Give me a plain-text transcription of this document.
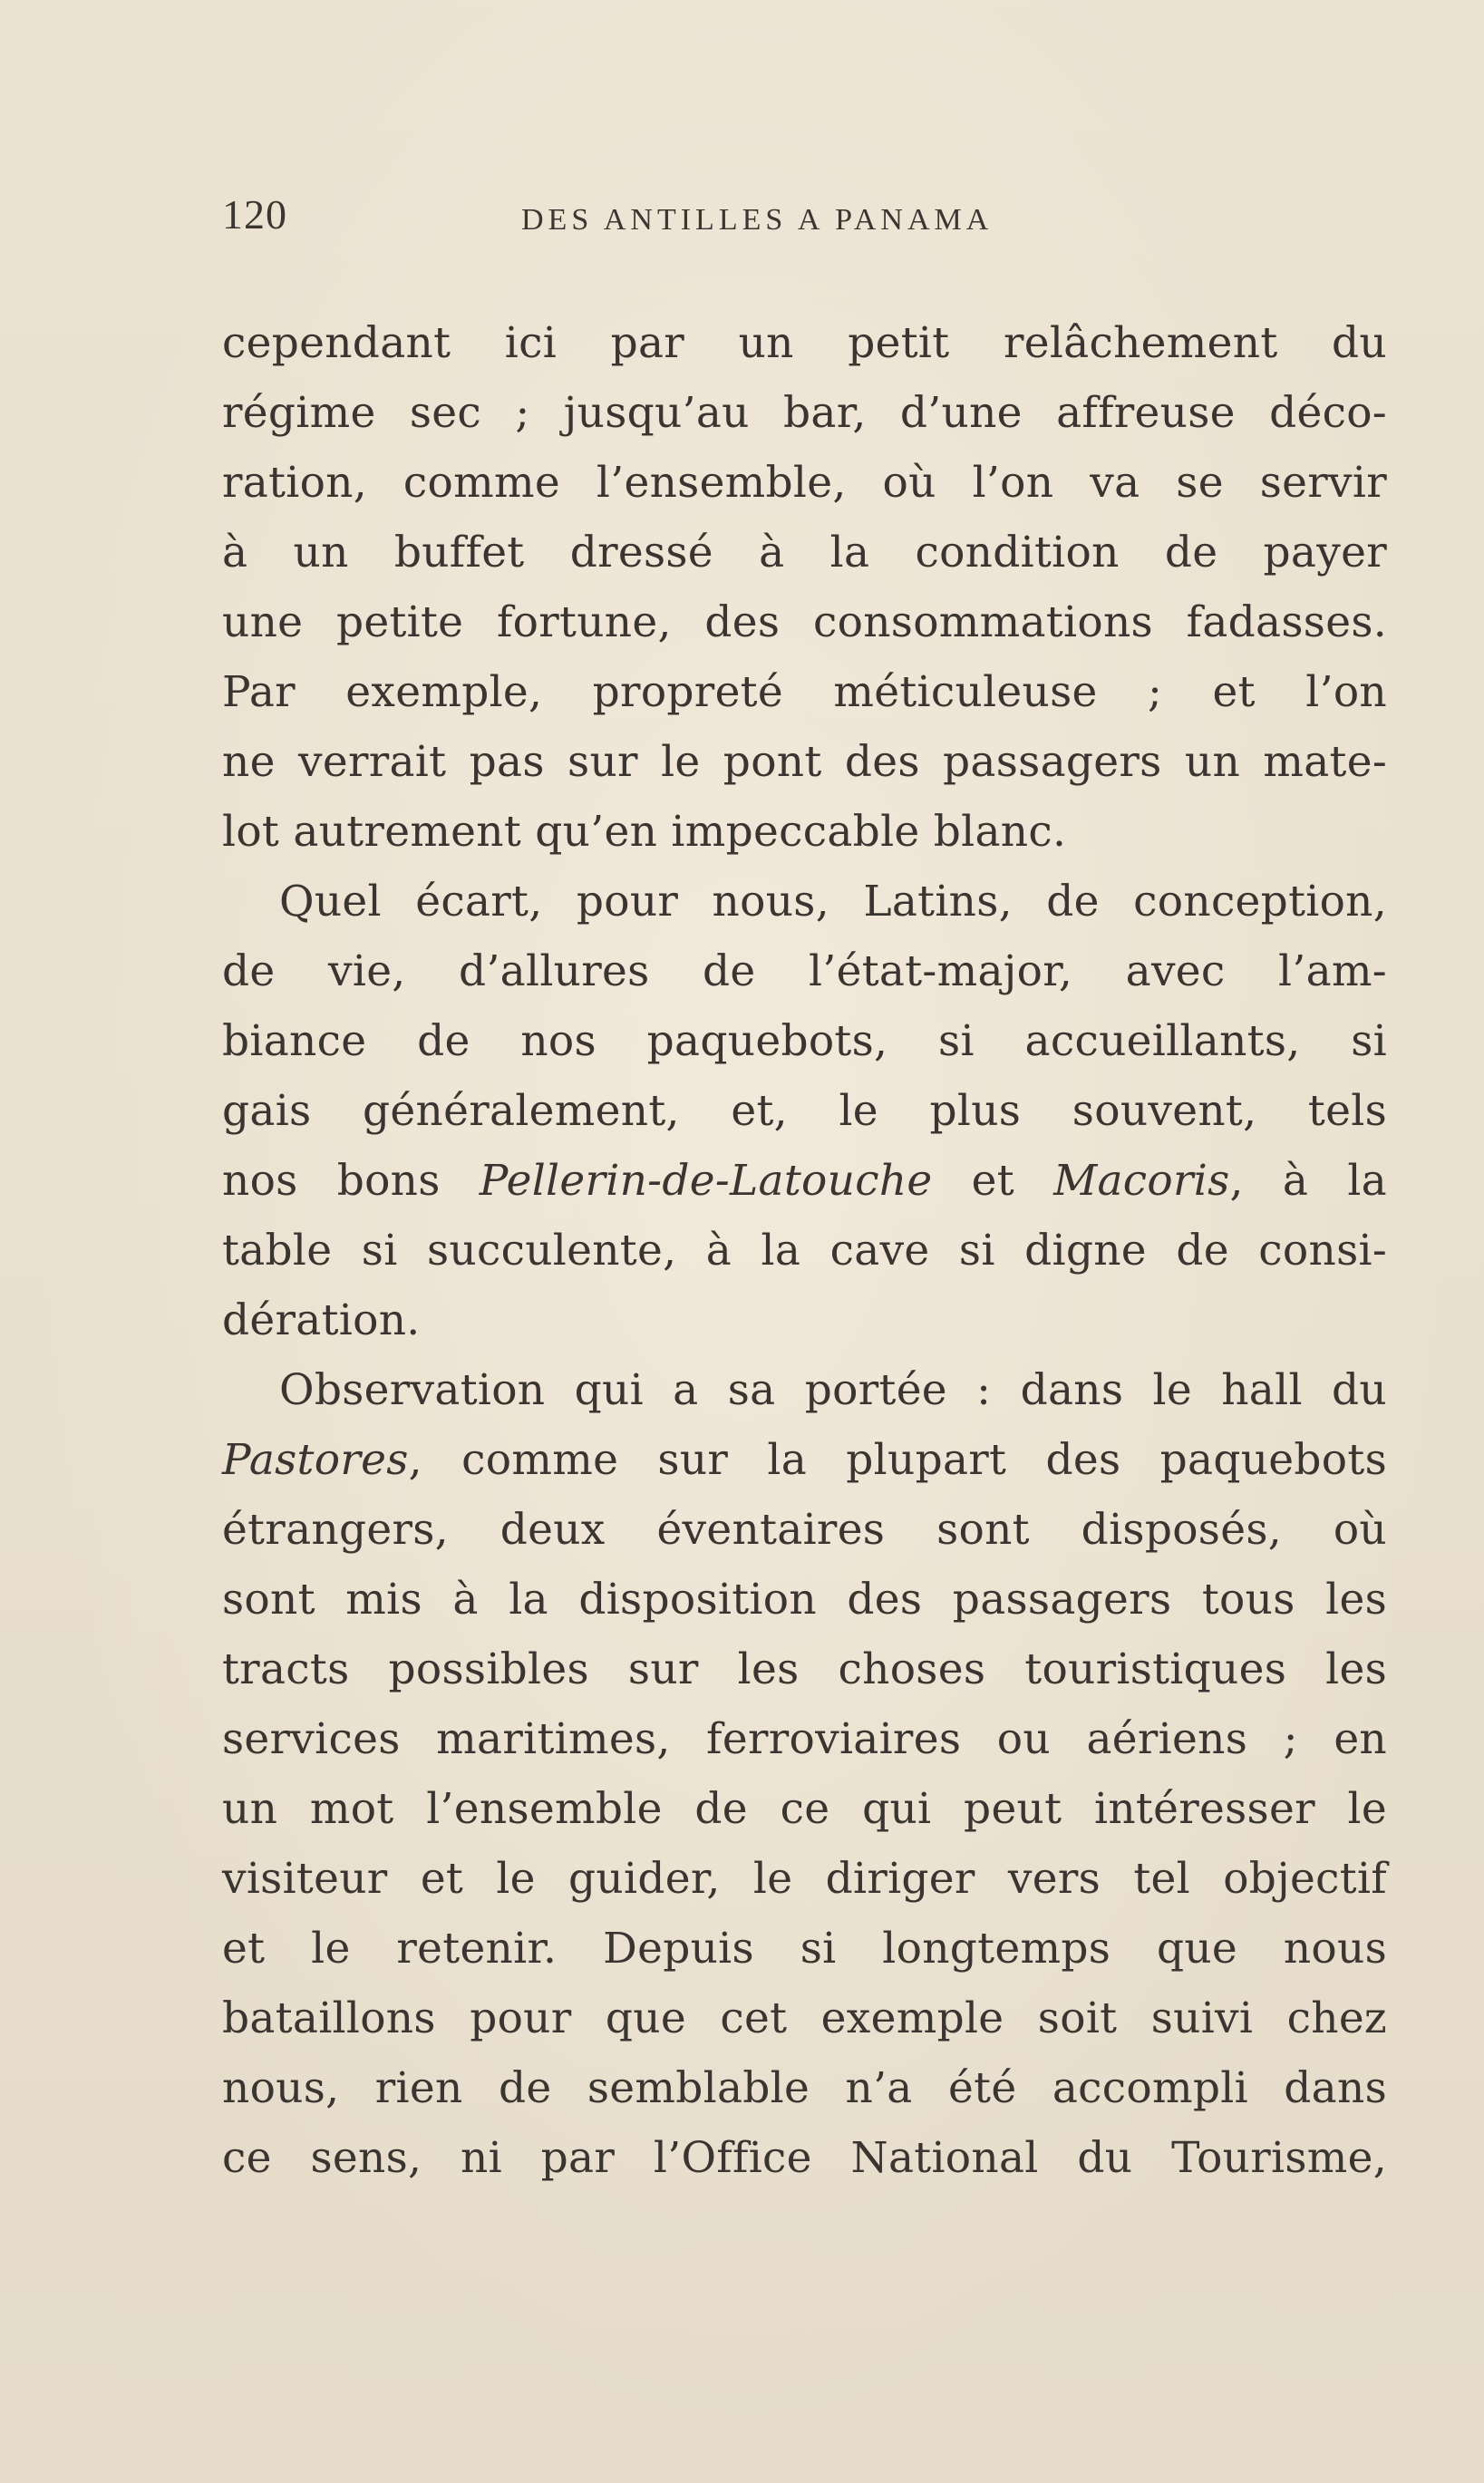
120	DES ANTILLES A PANAMA
cependant ici par un petit relâchement du
régime sec ; jusqu’au bar, d’une affreuse déco-
ration, comme l’ensemble, où l’on va se servir
à un buffet dressé à la condition de payer
une petite fortune, des consommations fadasses.
Par exemple, propreté méticuleuse ; et l’on
ne verrait pas sur le pont des passagers un mate-
lot autrement qu’en impeccable blanc.
Quel écart, pour nous, Latins, de conception,
de vie, d’allures de l’état-major, avec l’am-
biance de nos paquebots, si accueillants, si
gais généralement, et, le plus souvent, tels
nos bons Pellerin-de-Latouche et Macoris, à la
table si succulente, à la cave si digne de consi-
dération.
Observation qui a sa portée : dans le hall du
Pastores, comme sur la plupart des paquebots
étrangers, deux éventaires sont disposés, où
sont mis à la disposition des passagers tous les
tracts possibles sur les choses touristiques les
services maritimes, ferroviaires ou aériens ; en
un mot l’ensemble de ce qui peut intéresser le
visiteur et le guider, le diriger vers tel objectif
et le retenir. Depuis si longtemps que nous
bataillons pour que cet exemple soit suivi chez
nous, rien de semblable n’a été accompli dans
ce sens, ni par l’Office National du Tourisme,
